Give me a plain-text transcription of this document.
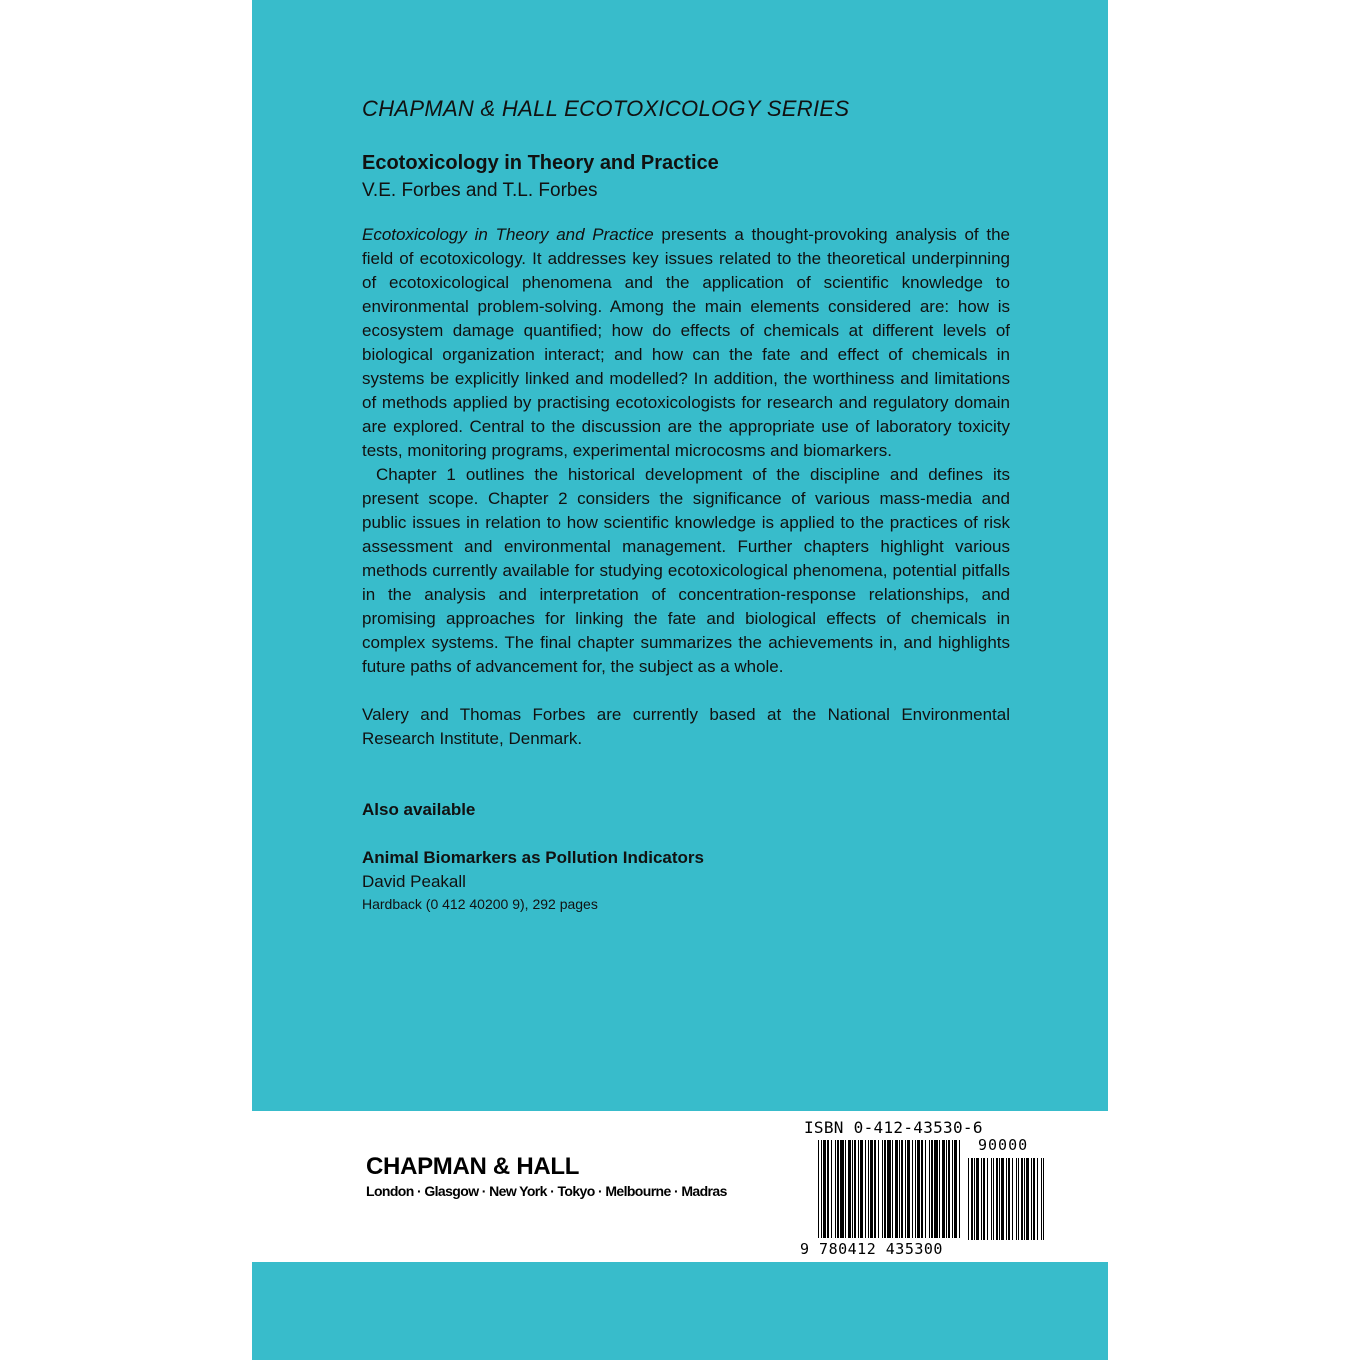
CHAPMAN & HALL ECOTOXICOLOGY SERIES
Ecotoxicology in Theory and Practice
V.E. Forbes and T.L. Forbes

Ecotoxicology in Theory and Practice presents a thought-provoking analysis of the field of ecotoxicology. It addresses key issues related to the theoretical underpinning of ecotoxicological phenomena and the application of scientific knowledge to environmental problem-solving. Among the main elements considered are: how is ecosystem damage quantified; how do effects of chemicals at different levels of biological organization interact; and how can the fate and effect of chemicals in systems be explicitly linked and modelled? In addition, the worthiness and limitations of methods applied by practising ecotoxicologists for research and regulatory domain are explored. Central to the discussion are the appropriate use of laboratory toxicity tests, monitoring programs, experimental microcosms and biomarkers.

Chapter 1 outlines the historical development of the discipline and defines its present scope. Chapter 2 considers the significance of various mass-media and public issues in relation to how scientific knowledge is applied to the practices of risk assessment and environmental management. Further chapters highlight various methods currently available for studying ecotoxicological phenomena, potential pitfalls in the analysis and interpretation of concentration-response relationships, and promising approaches for linking the fate and biological effects of chemicals in complex systems. The final chapter summarizes the achievements in, and highlights future paths of advancement for, the subject as a whole.

Valery and Thomas Forbes are currently based at the National Environmental Research Institute, Denmark.
Also available
Animal Biomarkers as Pollution Indicators
David Peakall
Hardback (0 412 40200 9), 292 pages
CHAPMAN & HALL
London · Glasgow · New York · Tokyo · Melbourne · Madras
ISBN 0-412-43530-6
90000
9 780412 435300
